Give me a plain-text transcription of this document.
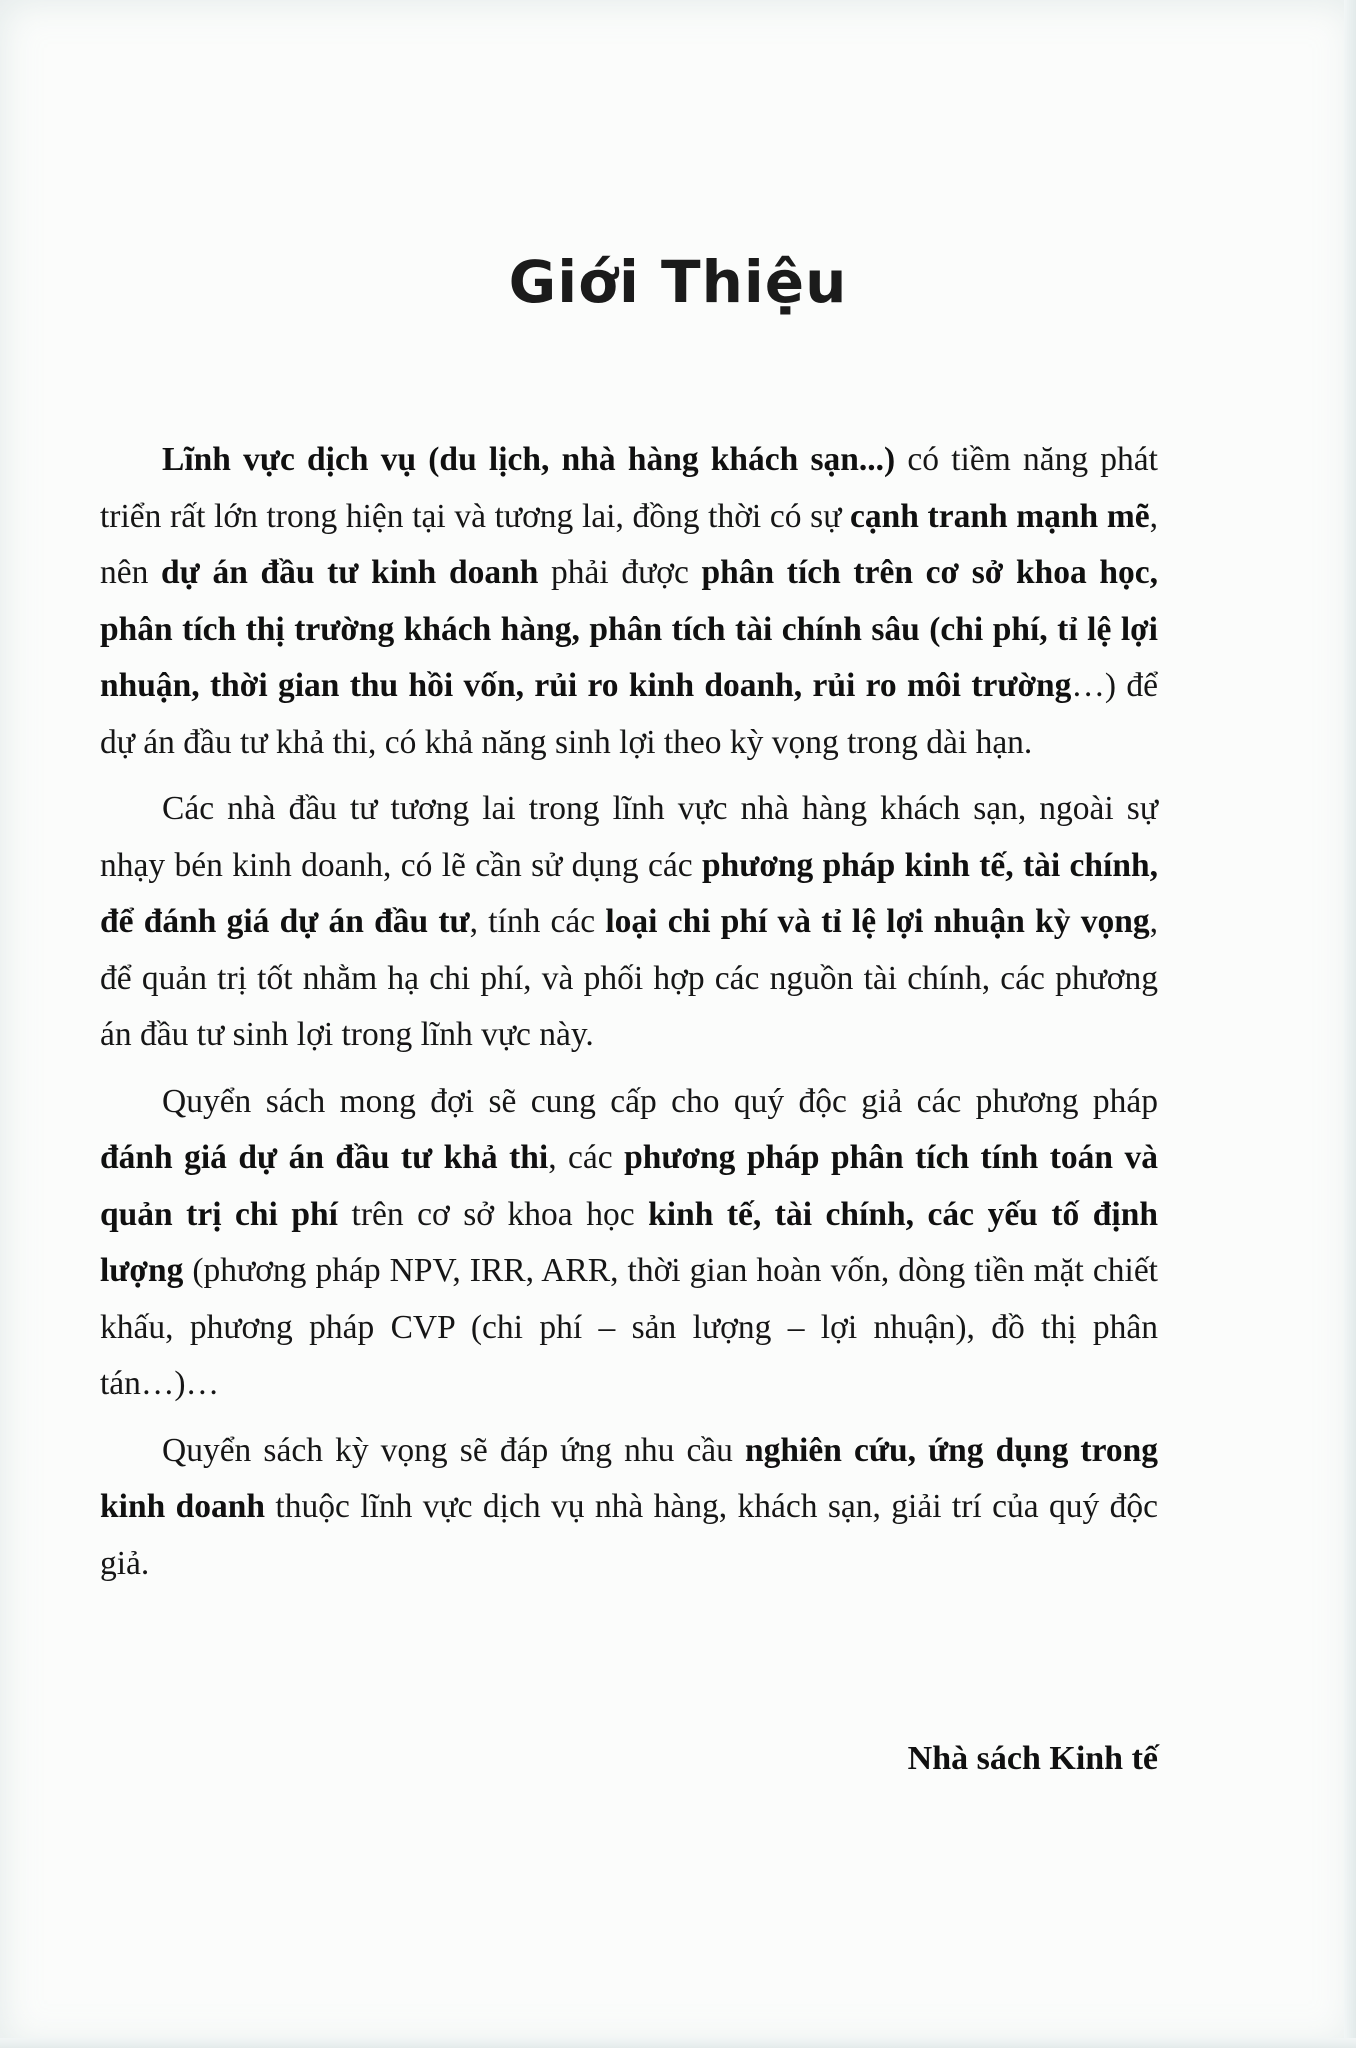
Giới Thiệu

Lĩnh vực dịch vụ (du lịch, nhà hàng khách sạn...) có tiềm năng phát triển rất lớn trong hiện tại và tương lai, đồng thời có sự cạnh tranh mạnh mẽ, nên dự án đầu tư kinh doanh phải được phân tích trên cơ sở khoa học, phân tích thị trường khách hàng, phân tích tài chính sâu (chi phí, tỉ lệ lợi nhuận, thời gian thu hồi vốn, rủi ro kinh doanh, rủi ro môi trường…) để dự án đầu tư khả thi, có khả năng sinh lợi theo kỳ vọng trong dài hạn.

Các nhà đầu tư tương lai trong lĩnh vực nhà hàng khách sạn, ngoài sự nhạy bén kinh doanh, có lẽ cần sử dụng các phương pháp kinh tế, tài chính, để đánh giá dự án đầu tư, tính các loại chi phí và tỉ lệ lợi nhuận kỳ vọng, để quản trị tốt nhằm hạ chi phí, và phối hợp các nguồn tài chính, các phương án đầu tư sinh lợi trong lĩnh vực này.

Quyển sách mong đợi sẽ cung cấp cho quý độc giả các phương pháp đánh giá dự án đầu tư khả thi, các phương pháp phân tích tính toán và quản trị chi phí trên cơ sở khoa học kinh tế, tài chính, các yếu tố định lượng (phương pháp NPV, IRR, ARR, thời gian hoàn vốn, dòng tiền mặt chiết khấu, phương pháp CVP (chi phí – sản lượng – lợi nhuận), đồ thị phân tán…)…

Quyển sách kỳ vọng sẽ đáp ứng nhu cầu nghiên cứu, ứng dụng trong kinh doanh thuộc lĩnh vực dịch vụ nhà hàng, khách sạn, giải trí của quý độc giả.

Nhà sách Kinh tế
